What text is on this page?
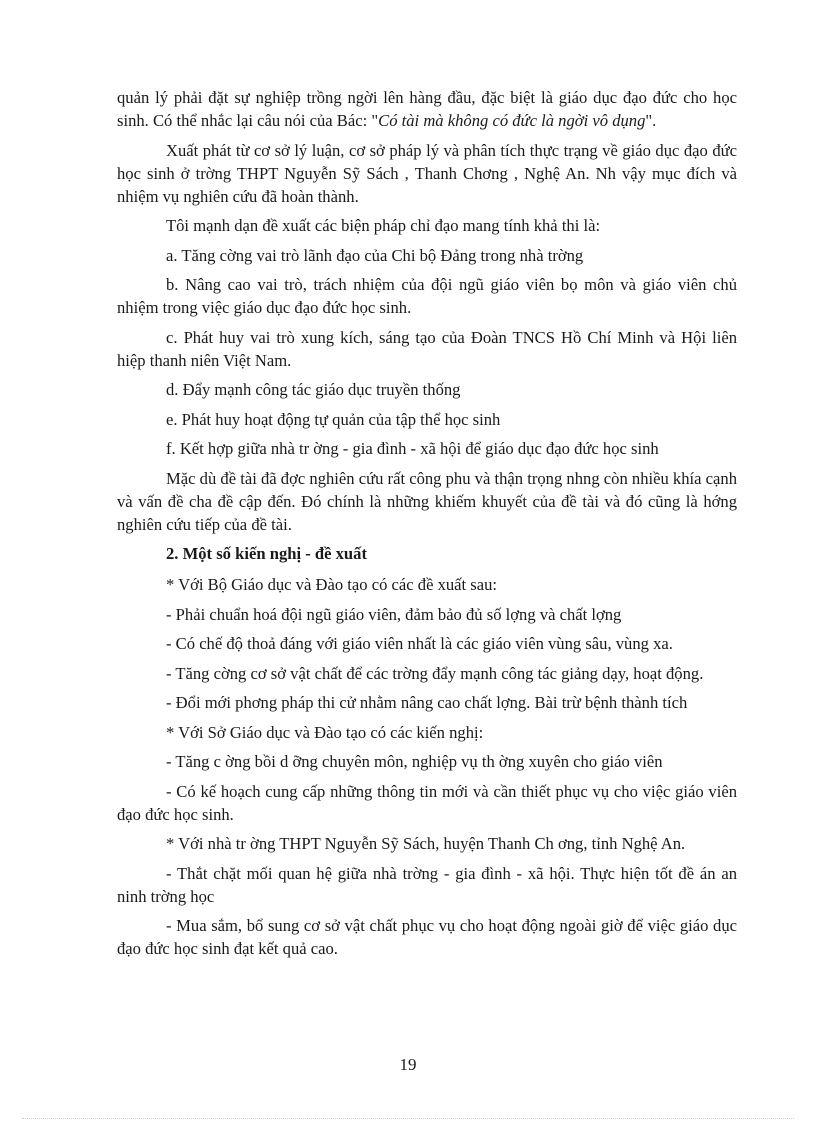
quản lý phải đặt sự nghiệp trồng ngời lên hàng đầu, đặc biệt là giáo dục đạo đức cho học sinh. Có thể nhắc lại câu nói của Bác: "Có tài mà không có đức là ngời vô dụng".

Xuất phát từ cơ sở lý luận, cơ sở pháp lý và phân tích thực trạng về giáo dục đạo đức học sinh ở trờng THPT Nguyễn Sỹ Sách , Thanh Chơng , Nghệ An. Nh vậy mục đích và nhiệm vụ nghiên cứu đã hoàn thành.

Tôi mạnh dạn đề xuất các biện pháp chỉ đạo mang tính khả thi là:

a. Tăng cờng vai trò lãnh đạo của Chi bộ Đảng trong nhà trờng

b. Nâng cao vai trò, trách nhiệm của đội ngũ giáo viên bọ môn và giáo viên chủ nhiệm trong việc giáo dục đạo đức học sinh.

c. Phát huy vai trò xung kích, sáng tạo của Đoàn TNCS Hồ Chí Minh và Hội liên hiệp thanh niên Việt Nam.

d. Đẩy mạnh công tác giáo dục truyền thống

e. Phát huy hoạt động tự quản của tập thể học sinh

f. Kết hợp giữa nhà tr ờng - gia đình - xã hội để giáo dục đạo đức học sinh

Mặc dù đề tài đã đợc nghiên cứu rất công phu và thận trọng nhng còn nhiều khía cạnh và vấn đề cha đề cập đến. Đó chính là những khiếm khuyết của đề tài và đó cũng là hớng nghiên cứu tiếp của đề tài.

2. Một số kiến nghị - đề xuất

* Với Bộ Giáo dục và Đào tạo có các đề xuất sau:

- Phải chuẩn hoá đội ngũ giáo viên, đảm bảo đủ số lợng và chất lợng

- Có chế độ thoả đáng với giáo viên nhất là các giáo viên vùng sâu, vùng xa.

- Tăng cờng cơ sở vật chất để các trờng đẩy mạnh công tác giảng dạy, hoạt động.

- Đổi mới phơng pháp thi cử nhằm nâng cao chất lợng. Bài trừ bệnh thành tích

* Với Sở Giáo dục và Đào tạo có các kiến nghị:

- Tăng c ờng bồi d ỡng chuyên môn, nghiệp vụ th ờng xuyên cho giáo viên

- Có kế hoạch cung cấp những thông tin mới và cần thiết phục vụ cho việc giáo viên đạo đức học sinh.

* Với nhà tr ờng THPT Nguyễn Sỹ Sách, huyện Thanh Ch ơng, tỉnh Nghệ An.

- Thắt chặt mối quan hệ giữa nhà trờng - gia đình - xã hội. Thực hiện tốt đề án an ninh trờng học

- Mua sắm, bổ sung cơ sở vật chất phục vụ cho hoạt động ngoài giờ để việc giáo dục đạo đức học sinh đạt kết quả cao.

19
